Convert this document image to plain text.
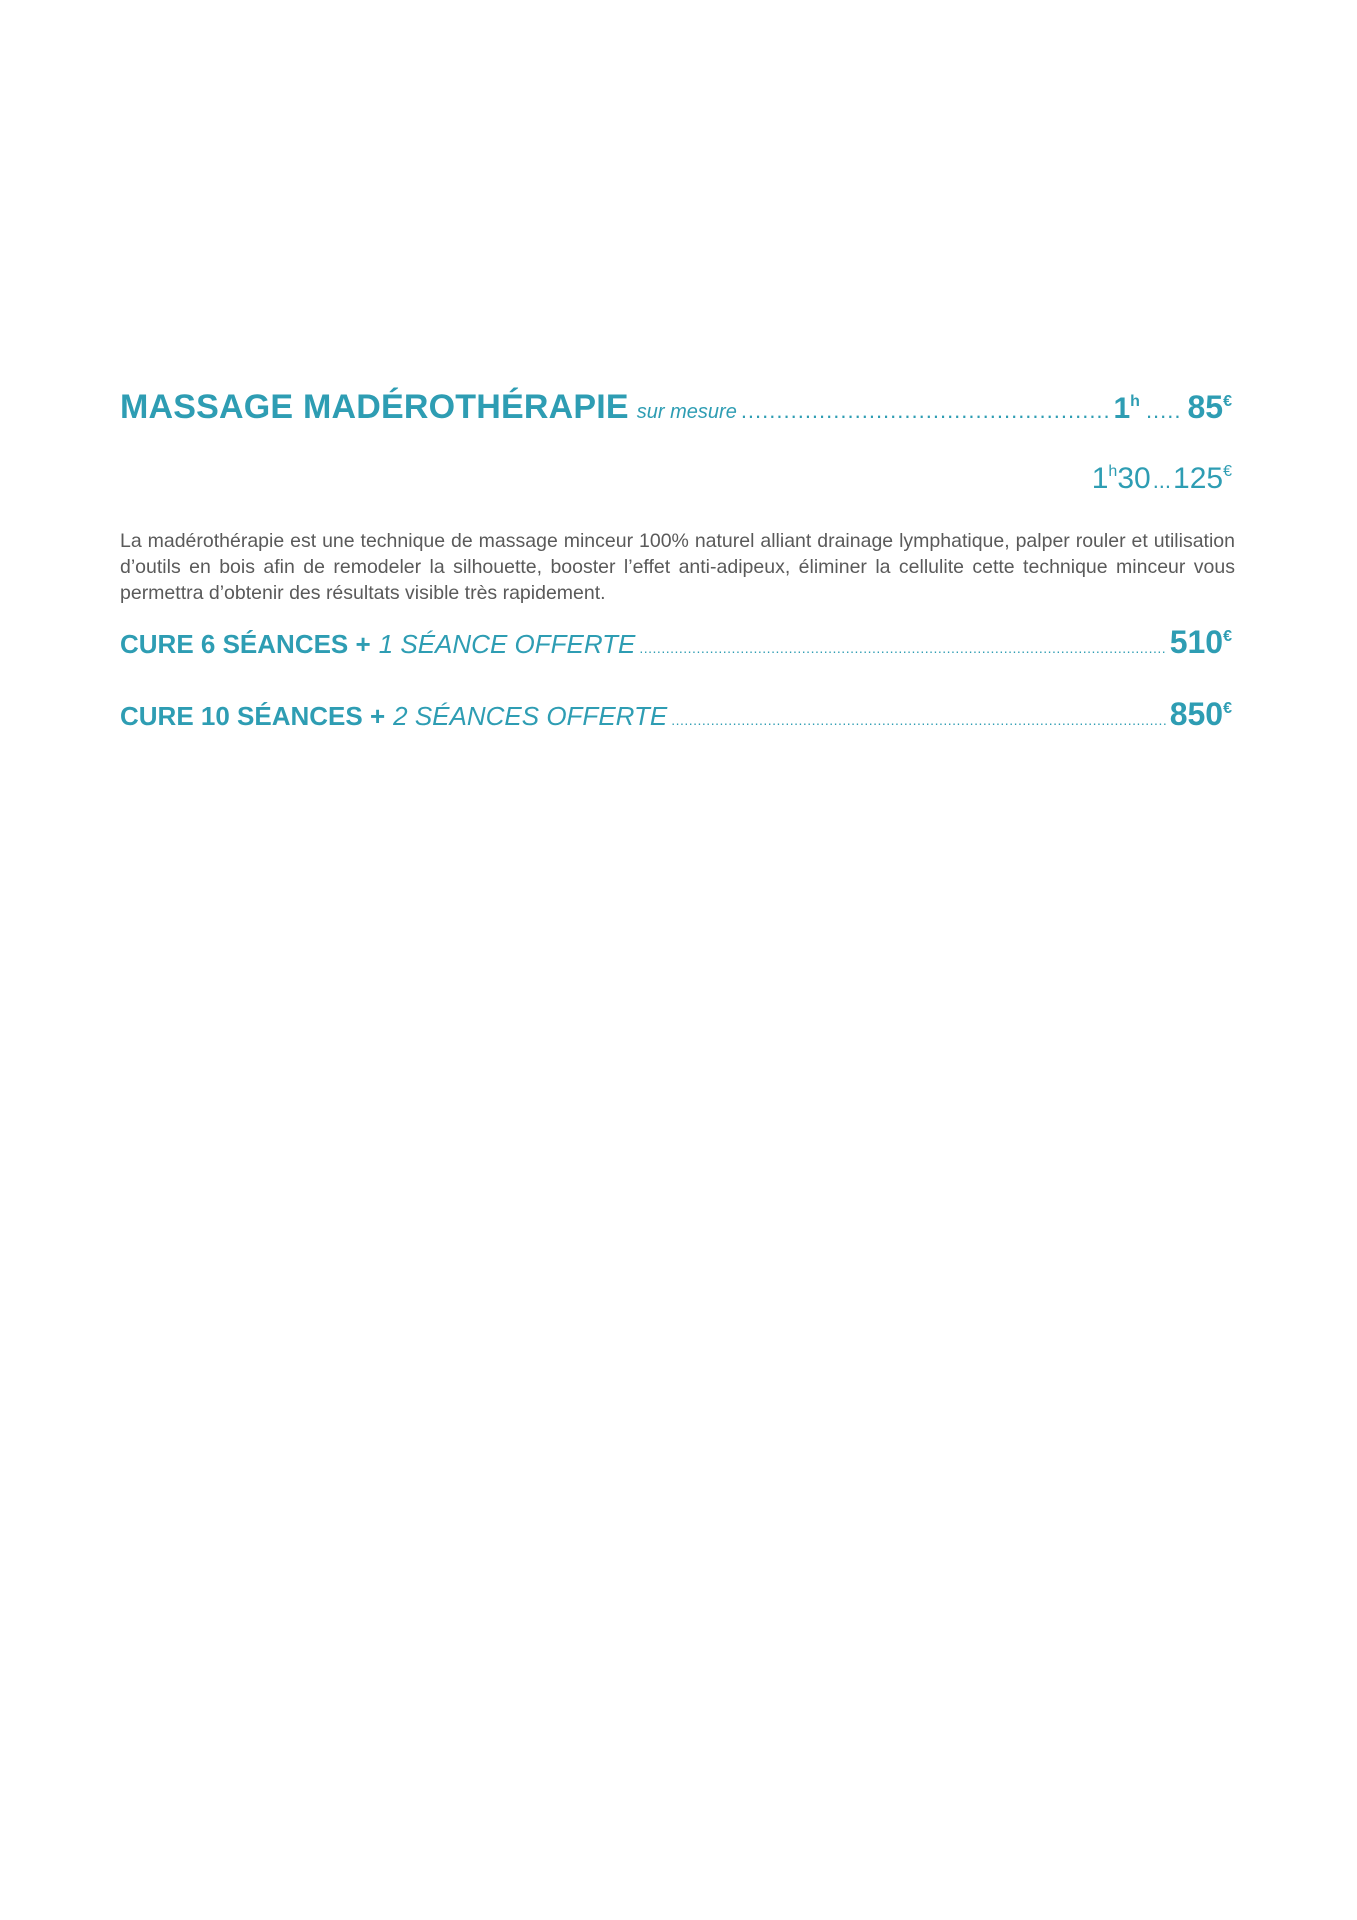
MASSAGE MADÉROTHÉRAPIE sur mesure .....	1$^h$ ..... 85€
1$^h$30...125€

La madérothérapie est une technique de massage minceur 100% naturel alliant drainage lymphatique, palper rouler et utilisation d’outils en bois afin de remodeler la silhouette, booster l’effet anti-adipeux, éliminer la cellulite cette technique minceur vous permettra d’obtenir des résultats visible très rapidement.

CURE 6 SÉANCES + 1 SÉANCE OFFERTE .....	510€
CURE 10 SÉANCES + 2 SÉANCES OFFERTE .....	850€
